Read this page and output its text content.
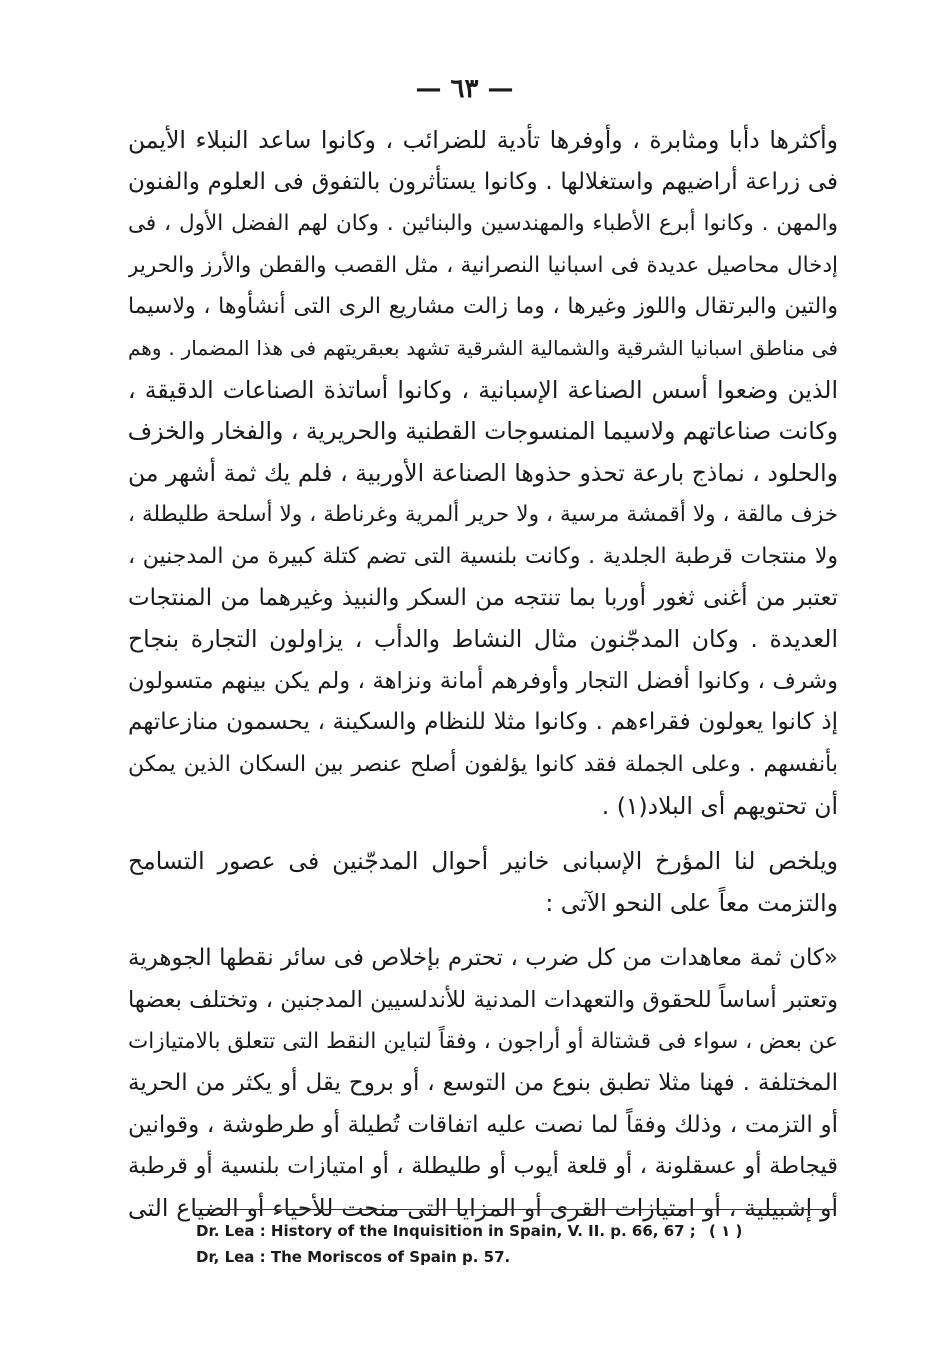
— ٦٣ —
وأكثرها دأبا ومثابرة ، وأوفرها تأدية للضرائب ، وكانوا ساعد النبلاء الأيمن
فى زراعة أراضيهم واستغلالها . وكانوا يستأثرون بالتفوق فى العلوم والفنون
والمهن . وكانوا أبرع الأطباء والمهندسين والبنائين . وكان لهم الفضل الأول ، فى
إدخال محاصيل عديدة فى اسبانيا النصرانية ، مثل القصب والقطن والأرز والحرير
والتين والبرتقال واللوز وغيرها ، وما زالت مشاريع الرى التى أنشأوها ، ولاسيما
فى مناطق اسبانيا الشرقية والشمالية الشرقية تشهد بعبقريتهم فى هذا المضمار . وهم
الذين وضعوا أسس الصناعة الإسبانية ، وكانوا أساتذة الصناعات الدقيقة ،
وكانت صناعاتهم ولاسيما المنسوجات القطنية والحريرية ، والفخار والخزف
والحلود ، نماذج بارعة تحذو حذوها الصناعة الأوربية ، فلم يك ثمة أشهر من
خزف مالقة ، ولا أقمشة مرسية ، ولا حرير ألمرية وغرناطة ، ولا أسلحة طليطلة ،
ولا منتجات قرطبة الجلدية . وكانت بلنسية التى تضم كتلة كبيرة من المدجنين ،
تعتبر من أغنى ثغور أوربا بما تنتجه من السكر والنبيذ وغيرهما من المنتجات
العديدة . وكان المدجّنون مثال النشاط والدأب ، يزاولون التجارة بنجاح
وشرف ، وكانوا أفضل التجار وأوفرهم أمانة ونزاهة ، ولم يكن بينهم متسولون
إذ كانوا يعولون فقراءهم . وكانوا مثلا للنظام والسكينة ، يحسمون منازعاتهم
بأنفسهم . وعلى الجملة فقد كانوا يؤلفون أصلح عنصر بين السكان الذين يمكن
أن تحتويهم أى البلاد(١) .
ويلخص لنا المؤرخ الإسبانى خانير أحوال المدجّنين فى عصور التسامح
والتزمت معاً على النحو الآتى :
«كان ثمة معاهدات من كل ضرب ، تحترم بإخلاص فى سائر نقطها الجوهرية
وتعتبر أساساً للحقوق والتعهدات المدنية للأندلسيين المدجنين ، وتختلف بعضها
عن بعض ، سواء فى قشتالة أو أراجون ، وفقاً لتباين النقط التى تتعلق بالامتيازات
المختلفة . فهنا مثلا تطبق بنوع من التوسع ، أو بروح يقل أو يكثر من الحرية
أو التزمت ، وذلك وفقاً لما نصت عليه اتفاقات تُطيلة أو طرطوشة ، وقوانين
قيجاطة أو عسقلونة ، أو قلعة أيوب أو طليطلة ، أو امتيازات بلنسية أو قرطبة
أو إشبيلية ، أو امتيازات القرى أو المزايا التى منحت للأحياء أو الضياع التى
Dr. Lea : History of the Inquisition in Spain, V. II. p. 66, 67 ; ( ١ )
Dr, Lea : The Moriscos of Spain p. 57.
